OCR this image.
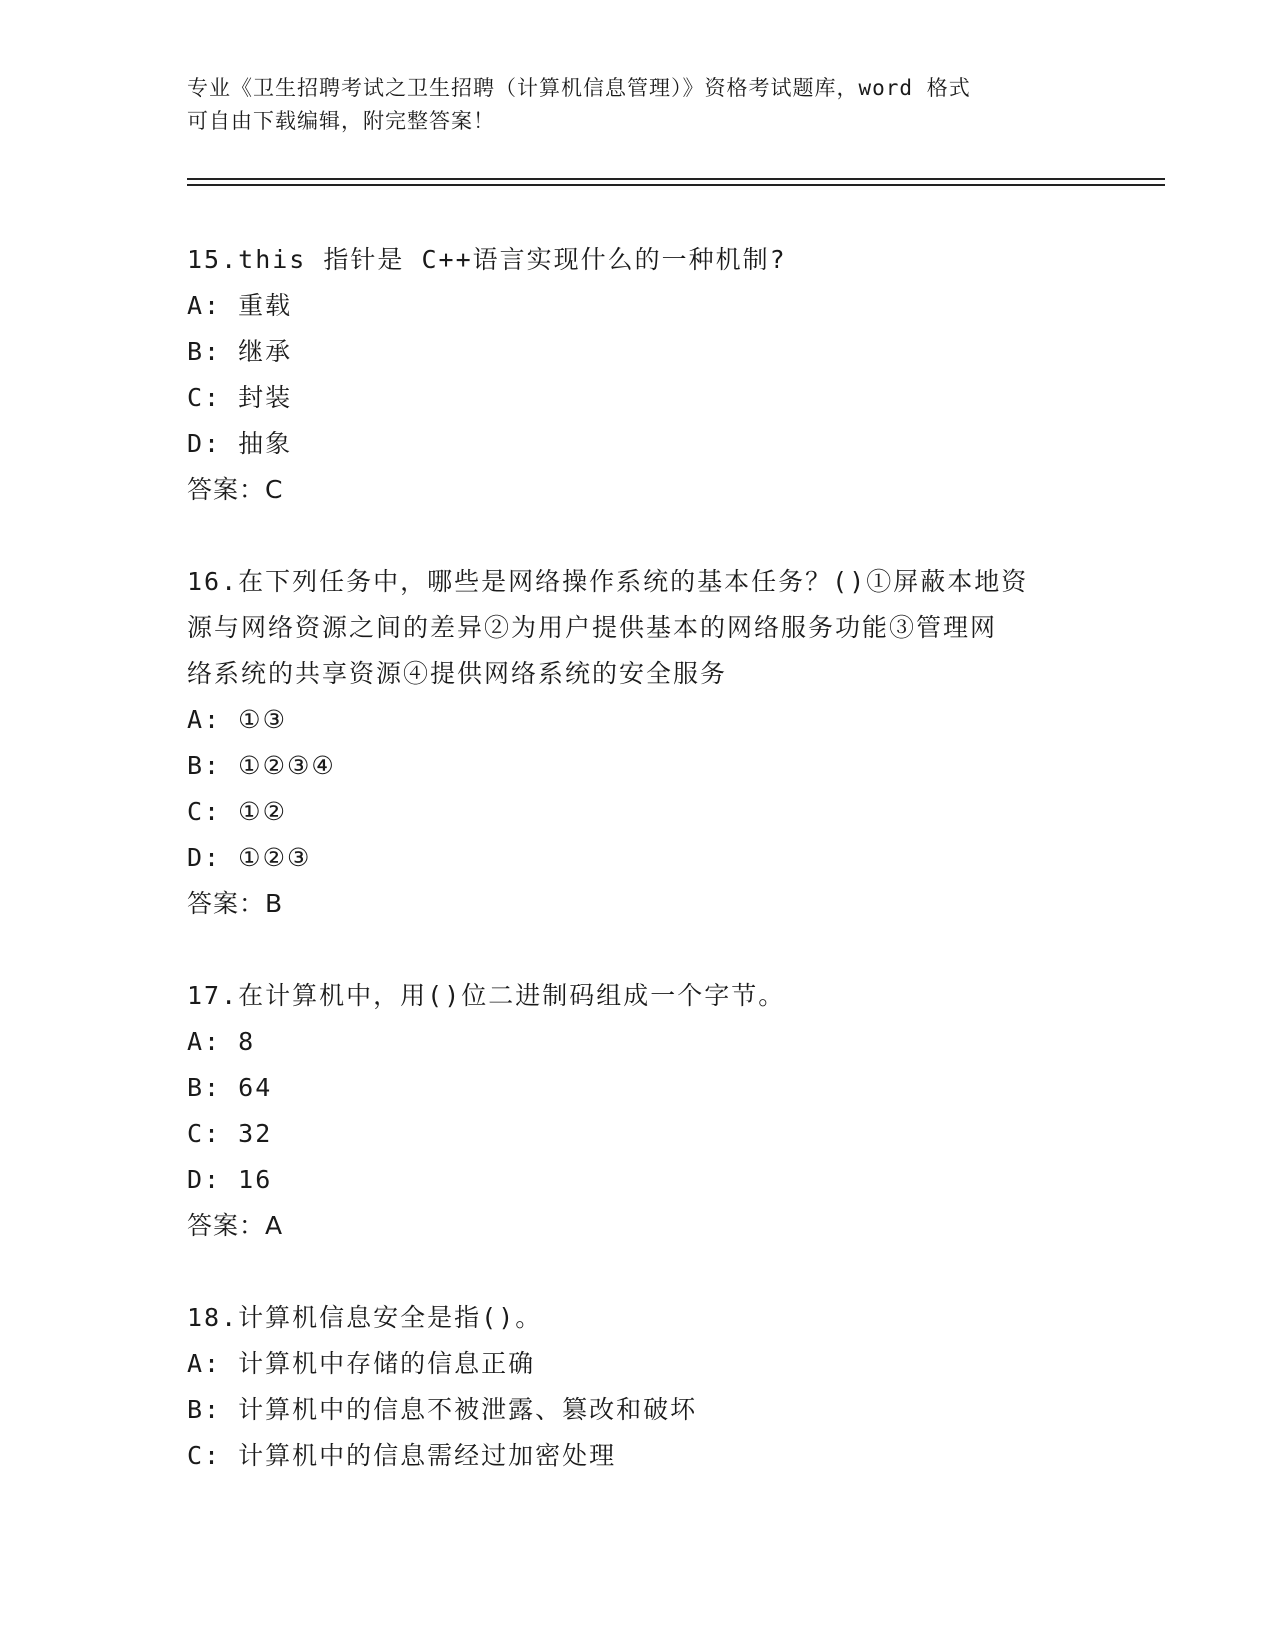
专业《卫生招聘考试之卫生招聘（计算机信息管理）》资格考试题库，word 格式
可自由下载编辑，附完整答案！
15.this 指针是 C++语言实现什么的一种机制?
A: 重载
B: 继承
C: 封装
D: 抽象
答案：C
16.在下列任务中，哪些是网络操作系统的基本任务？()①屏蔽本地资
源与网络资源之间的差异②为用户提供基本的网络服务功能③管理网
络系统的共享资源④提供网络系统的安全服务
A: ①③
B: ①②③④
C: ①②
D: ①②③
答案：B
17.在计算机中，用()位二进制码组成一个字节。
A: 8
B: 64
C: 32
D: 16
答案：A
18.计算机信息安全是指()。
A: 计算机中存储的信息正确
B: 计算机中的信息不被泄露、篡改和破坏
C: 计算机中的信息需经过加密处理
